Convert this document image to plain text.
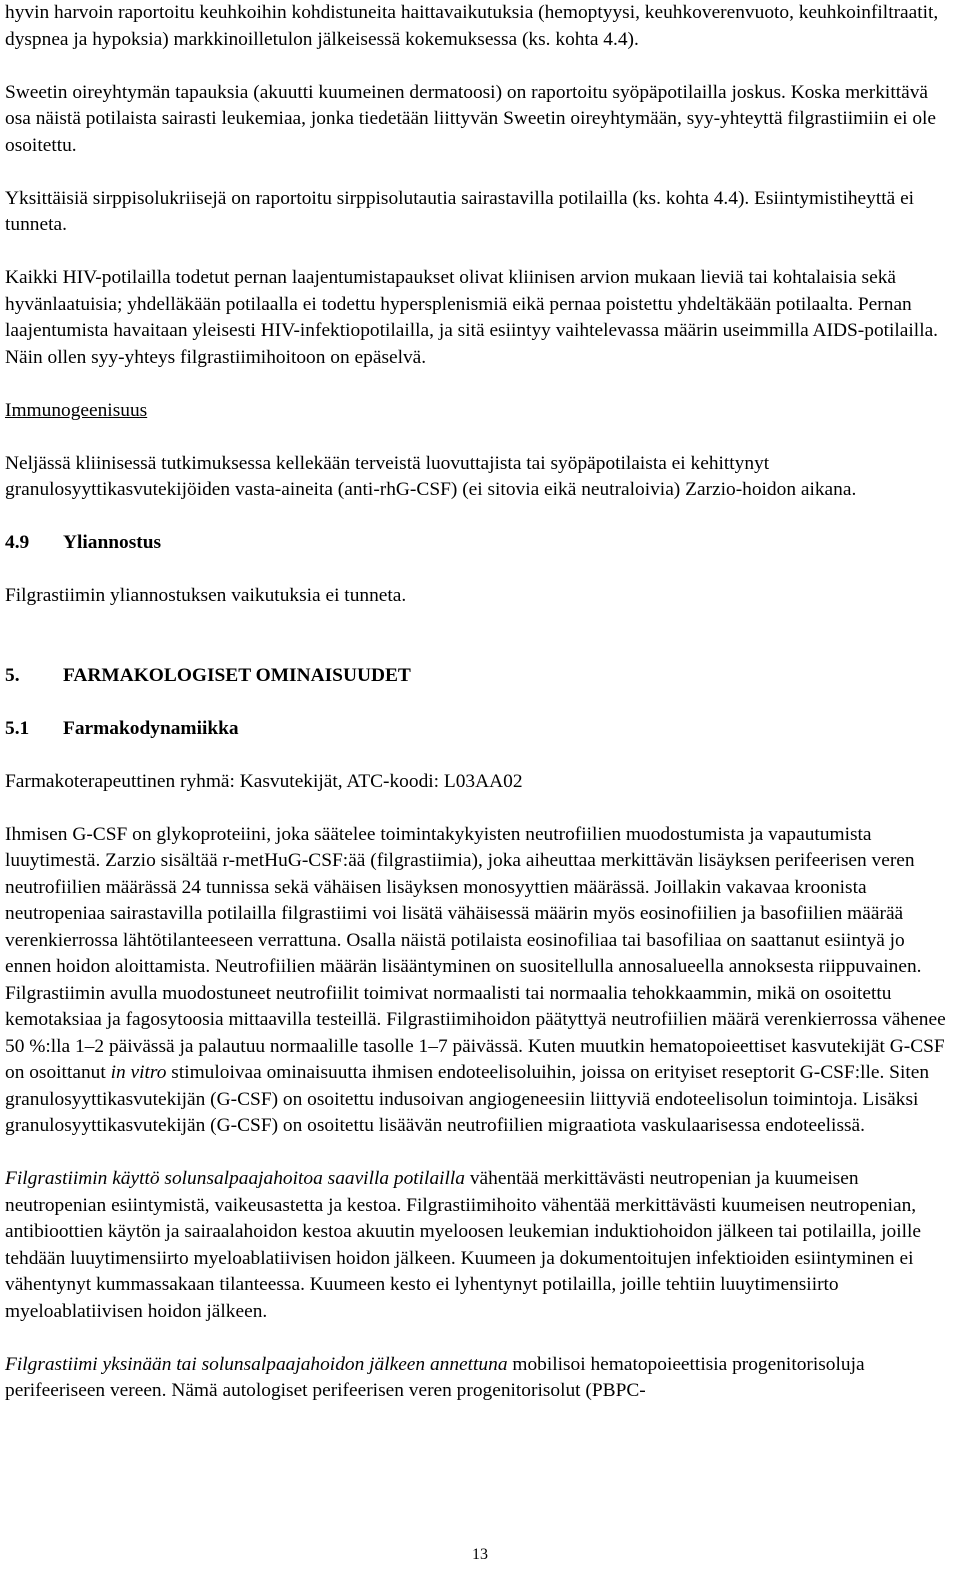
hyvin harvoin raportoitu keuhkoihin kohdistuneita haittavaikutuksia (hemoptyysi, keuhkoverenvuoto, keuhkoinfiltraatit, dyspnea ja hypoksia) markkinoilletulon jälkeisessä kokemuksessa (ks. kohta 4.4).

Sweetin oireyhtymän tapauksia (akuutti kuumeinen dermatoosi) on raportoitu syöpäpotilailla joskus. Koska merkittävä osa näistä potilaista sairasti leukemiaa, jonka tiedetään liittyvän Sweetin oireyhtymään, syy-yhteyttä filgrastiimiin ei ole osoitettu.

Yksittäisiä sirppisolukriisejä on raportoitu sirppisolutautia sairastavilla potilailla (ks. kohta 4.4). Esiintymistiheyttä ei tunneta.

Kaikki HIV-potilailla todetut pernan laajentumistapaukset olivat kliinisen arvion mukaan lieviä tai kohtalaisia sekä hyvänlaatuisia; yhdelläkään potilaalla ei todettu hypersplenismiä eikä pernaa poistettu yhdeltäkään potilaalta. Pernan laajentumista havaitaan yleisesti HIV-infektiopotilailla, ja sitä esiintyy vaihtelevassa määrin useimmilla AIDS-potilailla. Näin ollen syy-yhteys filgrastiimihoitoon on epäselvä.

Immunogeenisuus

Neljässä kliinisessä tutkimuksessa kellekään terveistä luovuttajista tai syöpäpotilaista ei kehittynyt granulosyyttikasvutekijöiden vasta-aineita (anti-rhG-CSF) (ei sitovia eikä neutraloivia) Zarzio-hoidon aikana.

4.9	Yliannostus

Filgrastiimin yliannostuksen vaikutuksia ei tunneta.

5.	FARMAKOLOGISET OMINAISUUDET

5.1	Farmakodynamiikka

Farmakoterapeuttinen ryhmä: Kasvutekijät, ATC-koodi: L03AA02

Ihmisen G-CSF on glykoproteiini, joka säätelee toimintakykyisten neutrofiilien muodostumista ja vapautumista luuytimestä. Zarzio sisältää r-metHuG-CSF:ää (filgrastiimia), joka aiheuttaa merkittävän lisäyksen perifeerisen veren neutrofiilien määrässä 24 tunnissa sekä vähäisen lisäyksen monosyyttien määrässä. Joillakin vakavaa kroonista neutropeniaa sairastavilla potilailla filgrastiimi voi lisätä vähäisessä määrin myös eosinofiilien ja basofiilien määrää verenkierrossa lähtötilanteeseen verrattuna. Osalla näistä potilaista eosinofiliaa tai basofiliaa on saattanut esiintyä jo ennen hoidon aloittamista. Neutrofiilien määrän lisääntyminen on suositellulla annosalueella annoksesta riippuvainen. Filgrastiimin avulla muodostuneet neutrofiilit toimivat normaalisti tai normaalia tehokkaammin, mikä on osoitettu kemotaksiaa ja fagosytoosia mittaavilla testeillä. Filgrastiimihoidon päätyttyä neutrofiilien määrä verenkierrossa vähenee 50 %:lla 1–2 päivässä ja palautuu normaalille tasolle 1–7 päivässä. Kuten muutkin hematopoieettiset kasvutekijät G-CSF on osoittanut in vitro stimuloivaa ominaisuutta ihmisen endoteelisoluihin, joissa on erityiset reseptorit G-CSF:lle. Siten granulosyyttikasvutekijän (G-CSF) on osoitettu indusoivan angiogeneesiin liittyviä endoteelisolun toimintoja. Lisäksi granulosyyttikasvutekijän (G-CSF) on osoitettu lisäävän neutrofiilien migraatiota vaskulaarisessa endoteelissä.

Filgrastiimin käyttö solunsalpaajahoitoa saavilla potilailla vähentää merkittävästi neutropenian ja kuumeisen neutropenian esiintymistä, vaikeusastetta ja kestoa. Filgrastiimihoito vähentää merkittävästi kuumeisen neutropenian, antibioottien käytön ja sairaalahoidon kestoa akuutin myeloosen leukemian induktiohoidon jälkeen tai potilailla, joille tehdään luuytimensiirto myeloablatiivisen hoidon jälkeen. Kuumeen ja dokumentoitujen infektioiden esiintyminen ei vähentynyt kummassakaan tilanteessa. Kuumeen kesto ei lyhentynyt potilailla, joille tehtiin luuytimensiirto myeloablatiivisen hoidon jälkeen.

Filgrastiimi yksinään tai solunsalpaajahoidon jälkeen annettuna mobilisoi hematopoieettisia progenitorisoluja perifeeriseen vereen. Nämä autologiset perifeerisen veren progenitorisolut (PBPC-

13
